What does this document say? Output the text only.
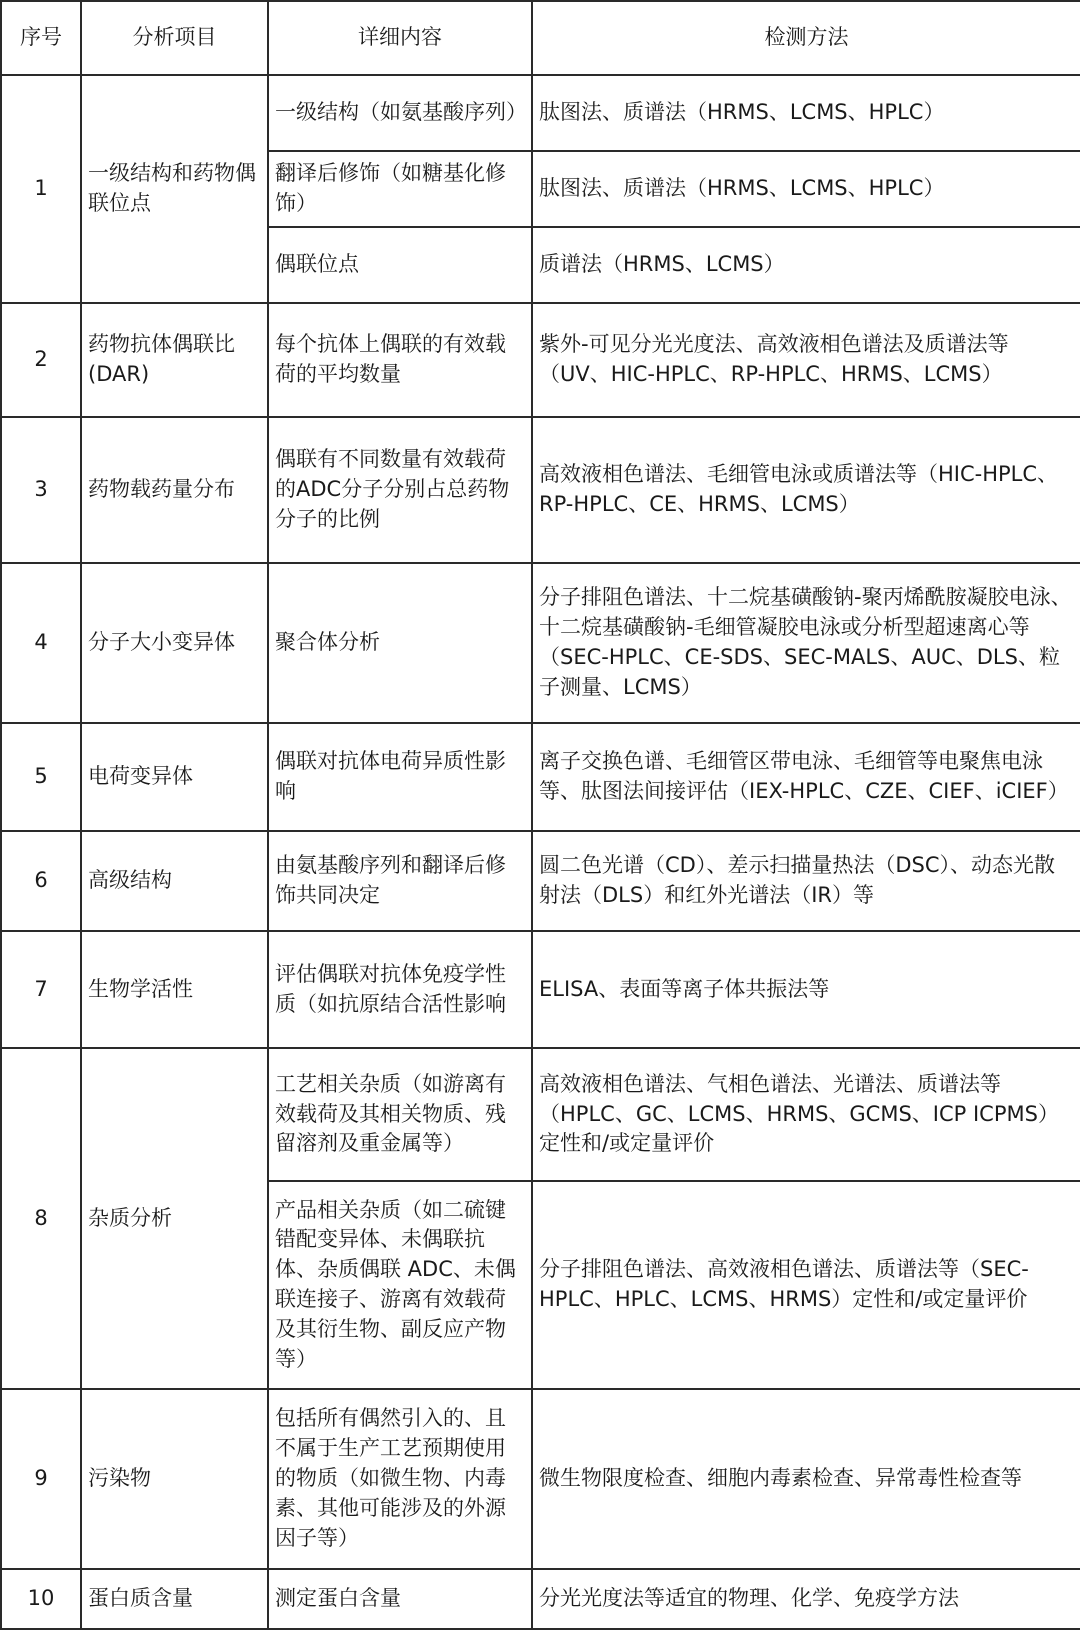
序号	分析项目	详细内容	检测方法
1	一级结构和药物偶联位点	一级结构（如氨基酸序列）	肽图法、质谱法（HRMS、LCMS、HPLC）
		翻译后修饰（如糖基化修饰）	肽图法、质谱法（HRMS、LCMS、HPLC）
		偶联位点	质谱法（HRMS、LCMS）
2	药物抗体偶联比(DAR)	每个抗体上偶联的有效载荷的平均数量	紫外-可见分光光度法、高效液相色谱法及质谱法等（UV、HIC-HPLC、RP-HPLC、HRMS、LCMS）
3	药物载药量分布	偶联有不同数量有效载荷的ADC分子分别占总药物分子的比例	高效液相色谱法、毛细管电泳或质谱法等（HIC-HPLC、RP-HPLC、CE、HRMS、LCMS）
4	分子大小变异体	聚合体分析	分子排阻色谱法、十二烷基磺酸钠-聚丙烯酰胺凝胶电泳、十二烷基磺酸钠-毛细管凝胶电泳或分析型超速离心等（SEC-HPLC、CE-SDS、SEC-MALS、AUC、DLS、粒子测量、LCMS）
5	电荷变异体	偶联对抗体电荷异质性影响	离子交换色谱、毛细管区带电泳、毛细管等电聚焦电泳等、肽图法间接评估（IEX-HPLC、CZE、CIEF、iCIEF）
6	高级结构	由氨基酸序列和翻译后修饰共同决定	圆二色光谱（CD）、差示扫描量热法（DSC）、动态光散射法（DLS）和红外光谱法（IR）等
7	生物学活性	评估偶联对抗体免疫学性质（如抗原结合活性影响	ELISA、表面等离子体共振法等
8	杂质分析	工艺相关杂质（如游离有效载荷及其相关物质、残留溶剂及重金属等）	高效液相色谱法、气相色谱法、光谱法、质谱法等（HPLC、GC、LCMS、HRMS、GCMS、ICP ICPMS）定性和/或定量评价
		产品相关杂质（如二硫键错配变异体、未偶联抗体、杂质偶联 ADC、未偶联连接子、游离有效载荷及其衍生物、副反应产物等）	分子排阻色谱法、高效液相色谱法、质谱法等（SEC-HPLC、HPLC、LCMS、HRMS）定性和/或定量评价
9	污染物	包括所有偶然引入的、且不属于生产工艺预期使用的物质（如微生物、内毒素、其他可能涉及的外源因子等）	微生物限度检查、细胞内毒素检查、异常毒性检查等
10	蛋白质含量	测定蛋白含量	分光光度法等适宜的物理、化学、免疫学方法
